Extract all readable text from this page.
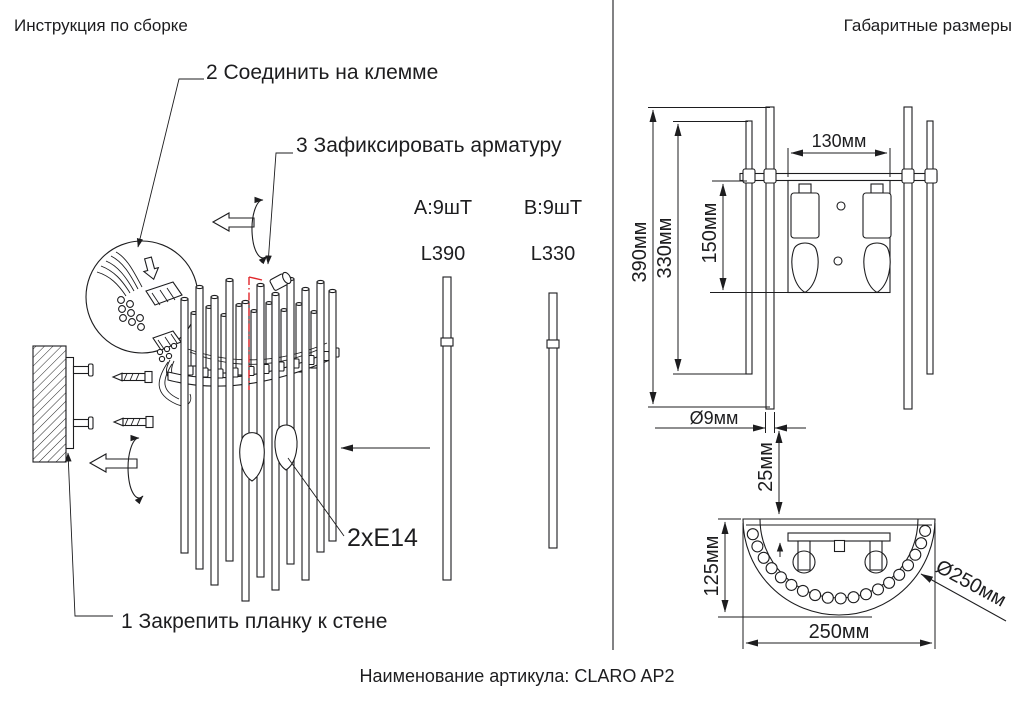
Инструкция по сборке	Габаритные размеры
2 Соединить на клемме
3 Зафиксировать арматуру
1 Закрепить планку к стене
2xE14
A:9шТ
L390
B:9шТ
L330	390мм 330мм 150мм
130мм
Ø9мм
25мм
125мм
250мм
Ø250мм
Наименование артикула: CLARO AP2
